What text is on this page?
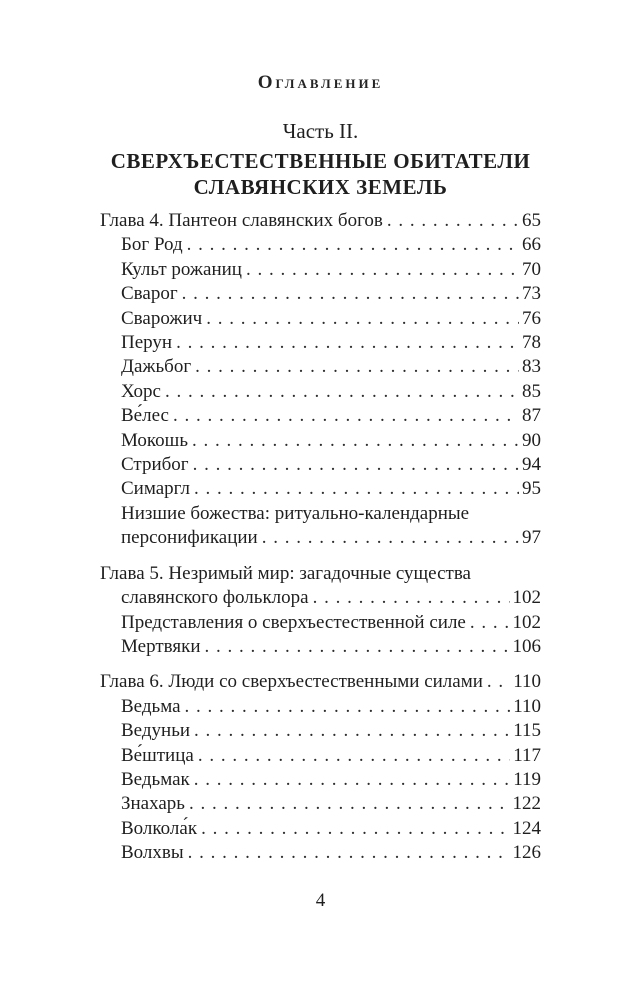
Оглавление
Часть II.
СВЕРХЪЕСТЕСТВЕННЫЕ ОБИТАТЕЛИ СЛАВЯНСКИХ ЗЕМЕЛЬ
Глава 4. Пантеон славянских богов . . .	65
Бог Род . . .	66
Культ рожаниц . . .	70
Сварог . . .	73
Сварожич . . .	76
Перун . . .	78
Дажьбог . . .	83
Хорс . . .	85
Ве́лес . . .	87
Мокошь . . .	90
Стрибог . . .	94
Симаргл . . .	95
Низшие божества: ритуально-календарные
персонификации . . .	97
Глава 5. Незримый мир: загадочные существа
славянского фольклора . . .	102
Представления о сверхъестественной силе . . . 102
Мертвяки . . .	106
Глава 6. Люди со сверхъестественными силами . . . 110
Ведьма . . .	110
Ведуньи . . .	115
Ве́штица . . .	117
Ведьмак . . .	119
Знахарь . . .	122
Волкола́к . . .	124
Волхвы . . .	126
4
